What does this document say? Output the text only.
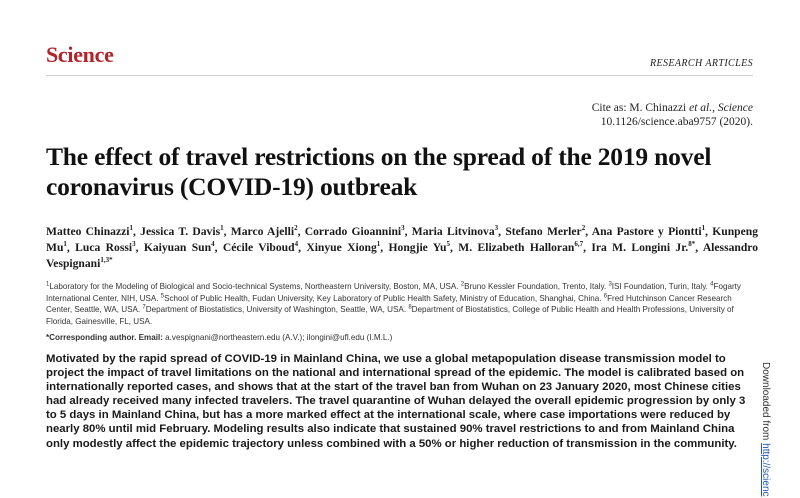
Science	RESEARCH ARTICLES
Cite as: M. Chinazzi et al., Science
10.1126/science.aba9757 (2020).
The effect of travel restrictions on the spread of the 2019 novel coronavirus (COVID-19) outbreak
Matteo Chinazzi$^1$, Jessica T. Davis$^1$, Marco Ajelli$^2$, Corrado Gioannini$^3$, Maria Litvinova$^3$, Stefano Merler$^2$, Ana Pastore y Piontti$^1$, Kunpeng Mu$^1$, Luca Rossi$^3$, Kaiyuan Sun$^4$, Cécile Viboud$^4$, Xinyue Xiong$^1$, Hongjie Yu$^5$, M. Elizabeth Halloran$^{6,7}$, Ira M. Longini Jr.$^{8*}$, Alessandro Vespignani$^{1,3*}$
$^1$Laboratory for the Modeling of Biological and Socio-technical Systems, Northeastern University, Boston, MA, USA. $^2$Bruno Kessler Foundation, Trento, Italy. $^3$ISI Foundation, Turin, Italy. $^4$Fogarty International Center, NIH, USA. $^5$School of Public Health, Fudan University, Key Laboratory of Public Health Safety, Ministry of Education, Shanghai, China. $^6$Fred Hutchinson Cancer Research Center, Seattle, WA, USA. $^7$Department of Biostatistics, University of Washington, Seattle, WA, USA. $^8$Department of Biostatistics, College of Public Health and Health Professions, University of Florida, Gainesville, FL, USA.
*Corresponding author. Email: a.vespignani@northeastern.edu (A.V.); ilongini@ufl.edu (I.M.L.)

Motivated by the rapid spread of COVID-19 in Mainland China, we use a global metapopulation disease transmission model to project the impact of travel limitations on the national and international spread of the epidemic. The model is calibrated based on internationally reported cases, and shows that at the start of the travel ban from Wuhan on 23 January 2020, most Chinese cities had already received many infected travelers. The travel quarantine of Wuhan delayed the overall epidemic progression by only 3 to 5 days in Mainland China, but has a more marked effect at the international scale, where case importations were reduced by nearly 80% until mid February. Modeling results also indicate that sustained 90% travel restrictions to and from Mainland China only modestly affect the epidemic trajectory unless combined with a 50% or higher reduction of transmission in the community.

Downloaded from http://scienc
